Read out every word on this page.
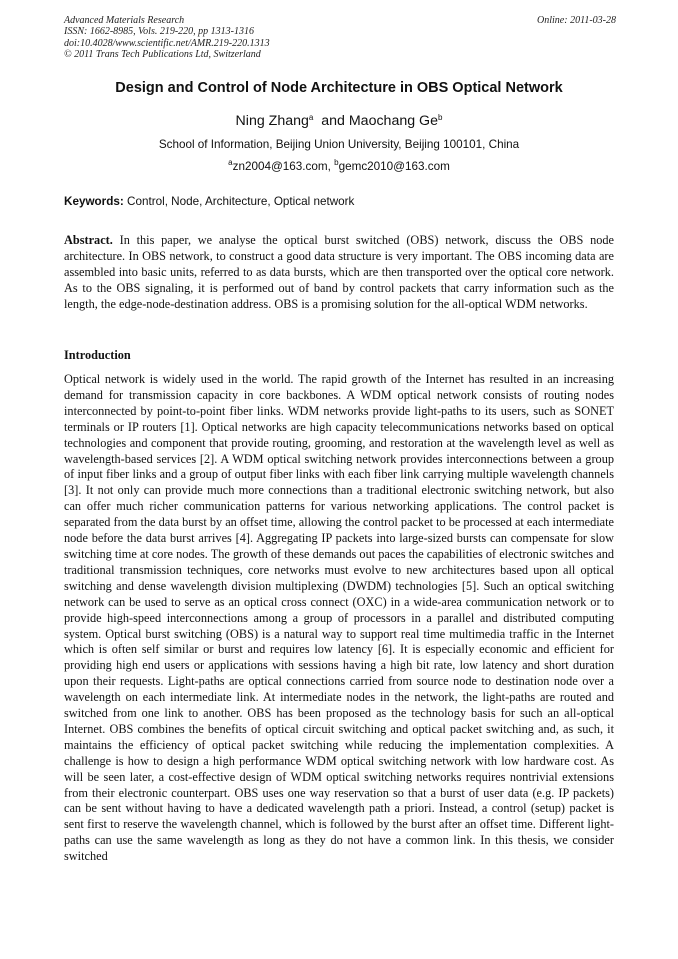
Advanced Materials Research
ISSN: 1662-8985, Vols. 219-220, pp 1313-1316
doi:10.4028/www.scientific.net/AMR.219-220.1313
© 2011 Trans Tech Publications Ltd, Switzerland
Online: 2011-03-28
Design and Control of Node Architecture in OBS Optical Network
Ning Zhang$^a$  and Maochang Ge$^b$
School of Information, Beijing Union University, Beijing 100101, China
$^a$zn2004@163.com, $^b$gemc2010@163.com
Keywords: Control, Node, Architecture, Optical network
Abstract. In this paper, we analyse the optical burst switched (OBS) network, discuss the OBS node architecture. In OBS network, to construct a good data structure is very important. The OBS incoming data are assembled into basic units, referred to as data bursts, which are then transported over the optical core network. As to the OBS signaling, it is performed out of band by control packets that carry information such as the length, the edge-node-destination address. OBS is a promising solution for the all-optical WDM networks.
Introduction
Optical network is widely used in the world. The rapid growth of the Internet has resulted in an increasing demand for transmission capacity in core backbones. A WDM optical network consists of routing nodes interconnected by point-to-point fiber links. WDM networks provide light-paths to its users, such as SONET terminals or IP routers [1]. Optical networks are high capacity telecommunications networks based on optical technologies and component that provide routing, grooming, and restoration at the wavelength level as well as wavelength-based services [2]. A WDM optical switching network provides interconnections between a group of input fiber links and a group of output fiber links with each fiber link carrying multiple wavelength channels [3]. It not only can provide much more connections than a traditional electronic switching network, but also can offer much richer communication patterns for various networking applications. The control packet is separated from the data burst by an offset time, allowing the control packet to be processed at each intermediate node before the data burst arrives [4]. Aggregating IP packets into large-sized bursts can compensate for slow switching time at core nodes. The growth of these demands out paces the capabilities of electronic switches and traditional transmission techniques, core networks must evolve to new architectures based upon all optical switching and dense wavelength division multiplexing (DWDM) technologies [5]. Such an optical switching network can be used to serve as an optical cross connect (OXC) in a wide-area communication network or to provide high-speed interconnections among a group of processors in a parallel and distributed computing system. Optical burst switching (OBS) is a natural way to support real time multimedia traffic in the Internet which is often self similar or burst and requires low latency [6]. It is especially economic and efficient for providing high end users or applications with sessions having a high bit rate, low latency and short duration upon their requests. Light-paths are optical connections carried from source node to destination node over a wavelength on each intermediate link. At intermediate nodes in the network, the light-paths are routed and switched from one link to another. OBS has been proposed as the technology basis for such an all-optical Internet. OBS combines the benefits of optical circuit switching and optical packet switching and, as such, it maintains the efficiency of optical packet switching while reducing the implementation complexities. A challenge is how to design a high performance WDM optical switching network with low hardware cost. As will be seen later, a cost-effective design of WDM optical switching networks requires nontrivial extensions from their electronic counterpart. OBS uses one way reservation so that a burst of user data (e.g. IP packets) can be sent without having to have a dedicated wavelength path a priori. Instead, a control (setup) packet is sent first to reserve the wavelength channel, which is followed by the burst after an offset time. Different light-paths can use the same wavelength as long as they do not have a common link. In this thesis, we consider switched
